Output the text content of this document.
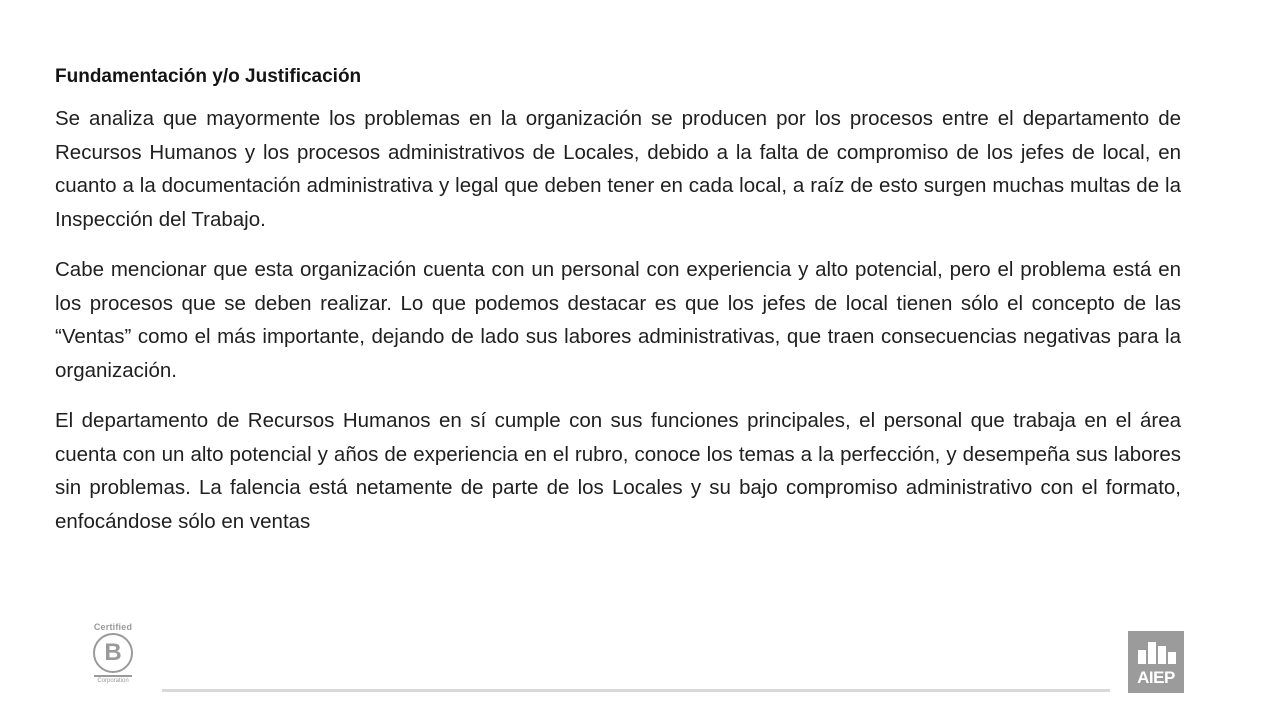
Fundamentación y/o Justificación

Se analiza que mayormente los problemas en la organización se producen por los procesos entre el departamento de Recursos Humanos y los procesos administrativos de Locales, debido a la falta de compromiso de los jefes de local, en cuanto a la documentación administrativa y legal que deben tener en cada local, a raíz de esto surgen muchas multas de la Inspección del Trabajo.

Cabe mencionar que esta organización cuenta con un personal con experiencia y alto potencial, pero el problema está en los procesos que se deben realizar. Lo que podemos destacar es que los jefes de local tienen sólo el concepto de las “Ventas” como el más importante, dejando de lado sus labores administrativas, que traen consecuencias negativas para la organización.

El departamento de Recursos Humanos en sí cumple con sus funciones principales, el personal que trabaja en el área cuenta con un alto potencial y años de experiencia en el rubro, conoce los temas a la perfección, y desempeña sus labores sin problemas. La falencia está netamente de parte de los Locales y su bajo compromiso administrativo con el formato, enfocándose sólo en ventas

Certified
B
Corporation	AIEP
